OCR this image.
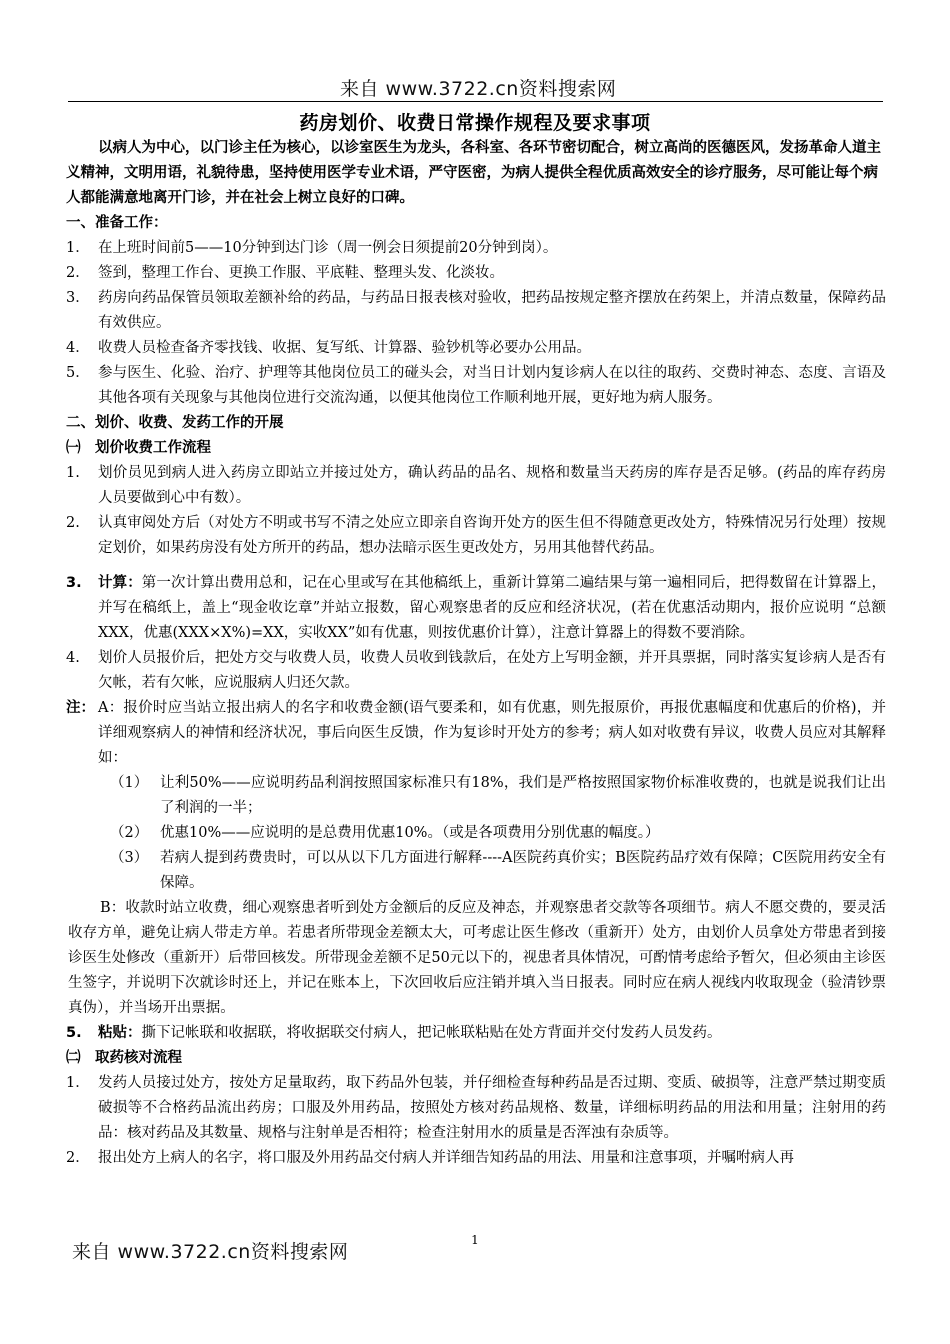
来自 www.3722.cn资料搜索网
药房划价、收费日常操作规程及要求事项

以病人为中心，以门诊主任为核心，以诊室医生为龙头，各科室、各环节密切配合，树立高尚的医德医风，发扬革命人道主义精神，文明用语，礼貌待患，坚持使用医学专业术语，严守医密，为病人提供全程优质高效安全的诊疗服务，尽可能让每个病人都能满意地离开门诊，并在社会上树立良好的口碑。

一、准备工作：

1． 在上班时间前5——10分钟到达门诊（周一例会日须提前20分钟到岗）。
2． 签到，整理工作台、更换工作服、平底鞋、整理头发、化淡妆。
3． 药房向药品保管员领取差额补给的药品，与药品日报表核对验收，把药品按规定整齐摆放在药架上，并清点数量，保障药品有效供应。
4． 收费人员检查备齐零找钱、收据、复写纸、计算器、验钞机等必要办公用品。
5． 参与医生、化验、治疗、护理等其他岗位员工的碰头会，对当日计划内复诊病人在以往的取药、交费时神态、态度、言语及其他各项有关现象与其他岗位进行交流沟通，以便其他岗位工作顺利地开展，更好地为病人服务。

二、划价、收费、发药工作的开展

㈠　划价收费工作流程

1.	划价员见到病人进入药房立即站立并接过处方，确认药品的品名、规格和数量当天药房的库存是否足够。(药品的库存药房人员要做到心中有数）。
2.	认真审阅处方后（对处方不明或书写不清之处应立即亲自咨询开处方的医生但不得随意更改处方，特殊情况另行处理）按规定划价，如果药房没有处方所开的药品，想办法暗示医生更改处方，另用其他替代药品。
3.	计算：第一次计算出费用总和，记在心里或写在其他稿纸上，重新计算第二遍结果与第一遍相同后，把得数留在计算器上，并写在稿纸上，盖上“现金收讫章”并站立报数，留心观察患者的反应和经济状况，(若在优惠活动期内，报价应说明 “总额XXX，优惠(XXX×X%)=XX，实收XX”如有优惠，则按优惠价计算），注意计算器上的得数不要消除。
4.	划价人员报价后，把处方交与收费人员，收费人员收到钱款后，在处方上写明金额，并开具票据，同时落实复诊病人是否有欠帐，若有欠帐，应说服病人归还欠款。
注： A：报价时应当站立报出病人的名字和收费金额(语气要柔和，如有优惠，则先报原价，再报优惠幅度和优惠后的价格)，并详细观察病人的神情和经济状况，事后向医生反馈，作为复诊时开处方的参考；病人如对收费有异议，收费人员应对其解释如：
（1） 让利50%——应说明药品利润按照国家标准只有18%，我们是严格按照国家物价标准收费的，也就是说我们让出了利润的一半；
（2） 优惠10%——应说明的是总费用优惠10%。（或是各项费用分别优惠的幅度。）
（3） 若病人提到药费贵时，可以从以下几方面进行解释----A医院药真价实；B医院药品疗效有保障；C医院用药安全有保障。

B：收款时站立收费，细心观察患者听到处方金额后的反应及神态，并观察患者交款等各项细节。病人不愿交费的，要灵活收存方单，避免让病人带走方单。若患者所带现金差额太大，可考虑让医生修改（重新开）处方，由划价人员拿处方带患者到接诊医生处修改（重新开）后带回核发。所带现金差额不足50元以下的，视患者具体情况，可酌情考虑给予暂欠，但必须由主诊医生签字，并说明下次就诊时还上，并记在账本上，下次回收后应注销并填入当日报表。同时应在病人视线内收取现金（验清钞票真伪），并当场开出票据。

5.	粘贴：撕下记帐联和收据联，将收据联交付病人，把记帐联粘贴在处方背面并交付发药人员发药。

㈡　取药核对流程

1． 发药人员接过处方，按处方足量取药，取下药品外包装，并仔细检查每种药品是否过期、变质、破损等，注意严禁过期变质破损等不合格药品流出药房；口服及外用药品，按照处方核对药品规格、数量，详细标明药品的用法和用量；注射用的药品：核对药品及其数量、规格与注射单是否相符；检查注射用水的质量是否浑浊有杂质等。
2． 报出处方上病人的名字，将口服及外用药品交付病人并详细告知药品的用法、用量和注意事项，并嘱咐病人再
1
来自 www.3722.cn资料搜索网
